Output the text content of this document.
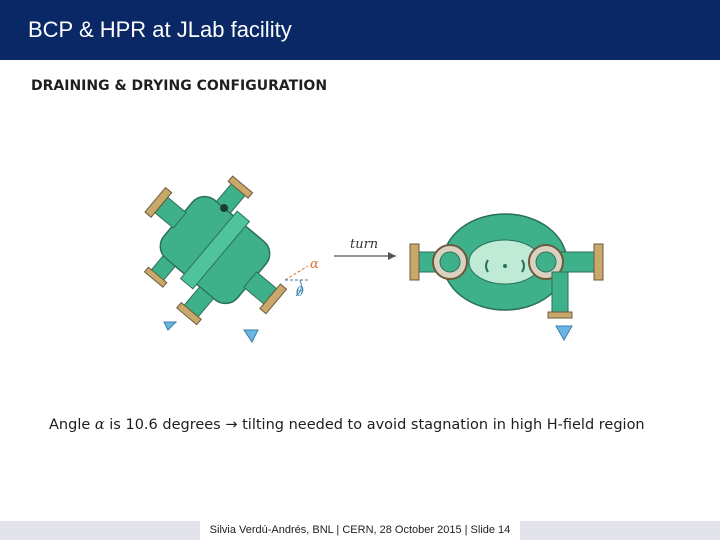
BCP & HPR at JLab facility
DRAINING & DRYING CONFIGURATION
α
θ
turn
Angle α is 10.6 degrees → tilting needed to avoid stagnation in high H-field region
Silvia Verdú-Andrés, BNL | CERN, 28 October 2015 | Slide 14
